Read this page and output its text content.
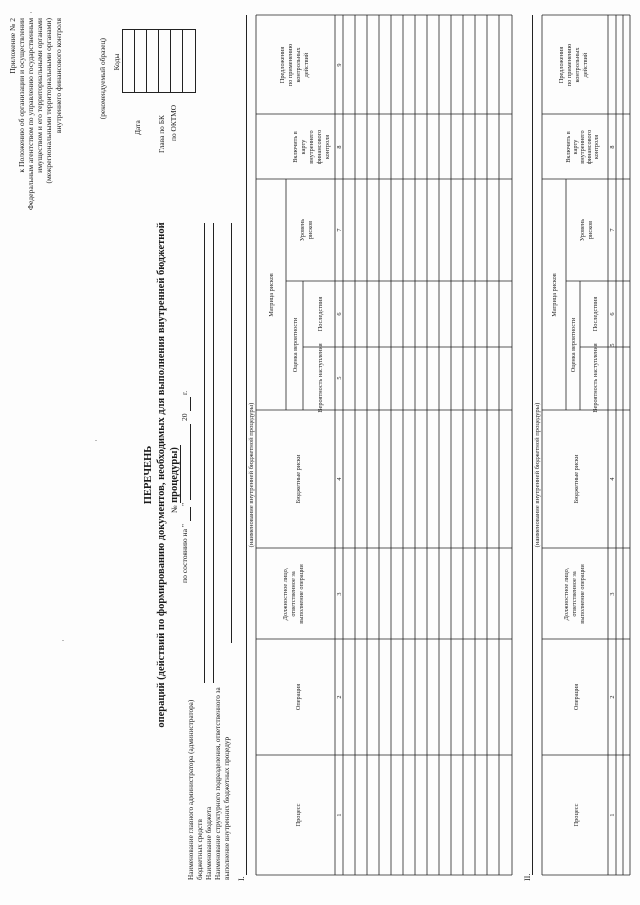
Приложение № 2 к Положению об организации и осуществлении Федеральным агентством по управлению государственным имуществом и его территориальными органами (межрегиональными территориальными органами) внутреннего финансового контроля	(рекомендуемый образец) Коды
ПЕРЕЧЕНЬ операций (действий по формированию документов, необходимых для выполнения внутренней бюджетной процедуры)
№
по состоянию на "
"
20
г.
Дата Глава по БК по ОКТМО
Наименование главного администратора (администратора) бюджетных средств Наименование бюджета Наименование структурного подразделения, ответственного за выполнение внутренних бюджетных процедур I.
(наименование внутренней бюджетной процедуры)
Процесс
Операция
Должностное лицо, ответственное за выполнение операции
Бюджетные риски
Матрица рисков
Оценка вероятности	Вероятность наступления
Последствия
Уровень рисков
Включить в карту внутреннего финансового контроля
Предложения по применению контрольных действий
1
2
3
4
5
6
7
8
9
II.
(наименование внутренней бюджетной процедуры)
Процесс
Операция
Должностное лицо, ответственное за выполнение операции
Бюджетные риски
Матрица рисков
Оценка вероятности Вероятность наступления
Последствия
Уровень рисков
Включить в карту внутреннего финансового контроля
Предложения по применению контрольных действий
1
2
3
4
5
6
7
8
